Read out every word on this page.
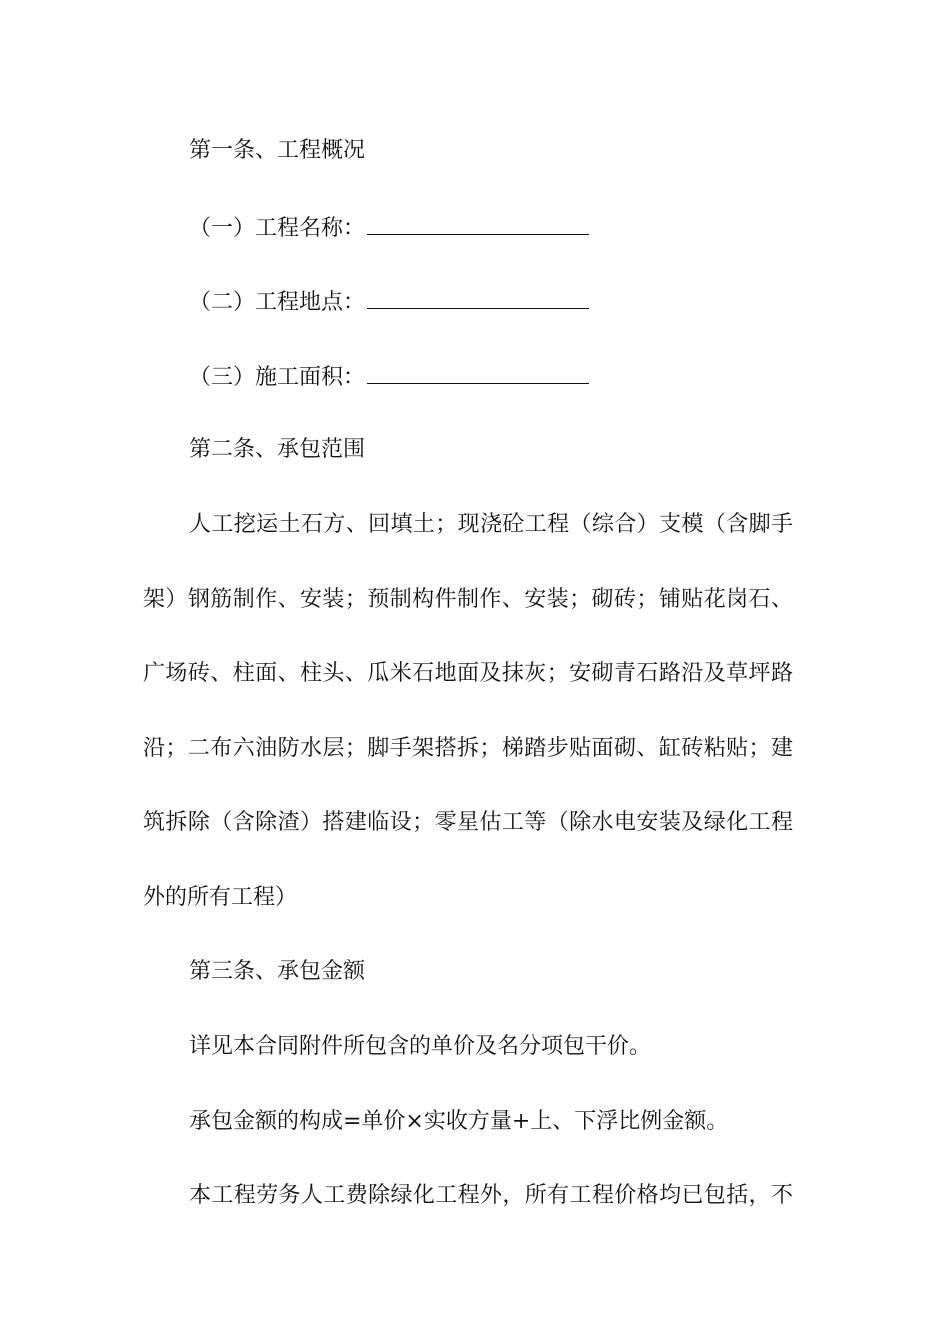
第一条、工程概况
（一）工程名称：
（二）工程地点：
（三）施工面积：
第二条、承包范围
人工挖运土石方、回填土；现浇砼工程（综合）支模（含脚手
架）钢筋制作、安装；预制构件制作、安装；砌砖；铺贴花岗石、
广场砖、柱面、柱头、瓜米石地面及抹灰；安砌青石路沿及草坪路
沿；二布六油防水层；脚手架搭拆；梯踏步贴面砌、缸砖粘贴；建
筑拆除（含除渣）搭建临设；零星估工等（除水电安装及绿化工程
外的所有工程）
第三条、承包金额
详见本合同附件所包含的单价及名分项包干价。
承包金额的构成=单价×实收方量+上、下浮比例金额。
本工程劳务人工费除绿化工程外，所有工程价格均已包括，不
